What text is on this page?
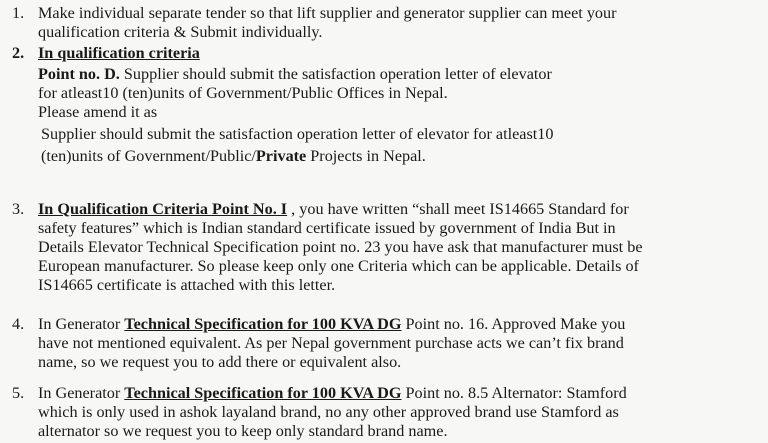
1. Make individual separate tender so that lift supplier and generator supplier can meet your
qualification criteria & Submit individually.
2. In qualification criteria
Point no. D. Supplier should submit the satisfaction operation letter of elevator
for atleast10 (ten)units of Government/Public Offices in Nepal.
Please amend it as
Supplier should submit the satisfaction operation letter of elevator for atleast10
(ten)units of Government/Public/Private Projects in Nepal.
3. In Qualification Criteria Point No. I , you have written “shall meet IS14665 Standard for
safety features” which is Indian standard certificate issued by government of India But in
Details Elevator Technical Specification point no. 23 you have ask that manufacturer must be
European manufacturer. So please keep only one Criteria which can be applicable. Details of
IS14665 certificate is attached with this letter.
4. In Generator Technical Specification for 100 KVA DG Point no. 16. Approved Make you
have not mentioned equivalent. As per Nepal government purchase acts we can’t fix brand
name, so we request you to add there or equivalent also.
5. In Generator Technical Specification for 100 KVA DG Point no. 8.5 Alternator: Stamford
which is only used in ashok layaland brand, no any other approved brand use Stamford as
alternator so we request you to keep only standard brand name.
